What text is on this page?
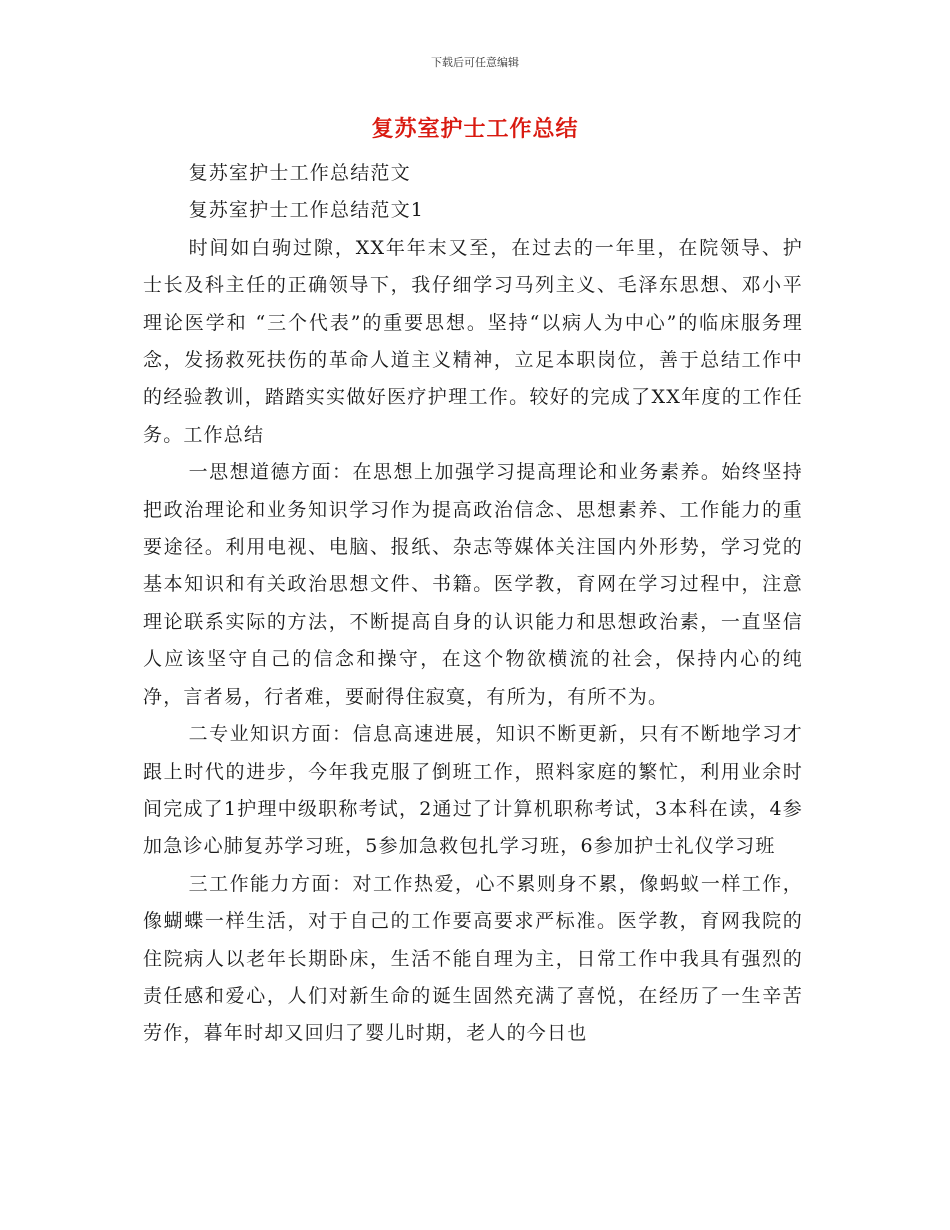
下载后可任意编辑
复苏室护士工作总结

复苏室护士工作总结范文

复苏室护士工作总结范文1

时间如白驹过隙，XX年年末又至，在过去的一年里，在院领导、护士长及科主任的正确领导下，我仔细学习马列主义、毛泽东思想、邓小平理论医学和 “三个代表”的重要思想。坚持“以病人为中心”的临床服务理念，发扬救死扶伤的革命人道主义精神，立足本职岗位，善于总结工作中的经验教训，踏踏实实做好医疗护理工作。较好的完成了XX年度的工作任务。工作总结

一思想道德方面：在思想上加强学习提高理论和业务素养。始终坚持把政治理论和业务知识学习作为提高政治信念、思想素养、工作能力的重要途径。利用电视、电脑、报纸、杂志等媒体关注国内外形势，学习党的基本知识和有关政治思想文件、书籍。医学教，育网在学习过程中，注意理论联系实际的方法，不断提高自身的认识能力和思想政治素，一直坚信人应该坚守自己的信念和操守，在这个物欲横流的社会，保持内心的纯净，言者易，行者难，要耐得住寂寞，有所为，有所不为。

二专业知识方面：信息高速进展，知识不断更新，只有不断地学习才跟上时代的进步，今年我克服了倒班工作，照料家庭的繁忙，利用业余时间完成了1护理中级职称考试，2通过了计算机职称考试，3本科在读，4参加急诊心肺复苏学习班，5参加急救包扎学习班，6参加护士礼仪学习班

三工作能力方面：对工作热爱，心不累则身不累，像蚂蚁一样工作，像蝴蝶一样生活，对于自己的工作要高要求严标准。医学教，育网我院的住院病人以老年长期卧床，生活不能自理为主，日常工作中我具有强烈的责任感和爱心，人们对新生命的诞生固然充满了喜悦，在经历了一生辛苦劳作，暮年时却又回归了婴儿时期，老人的今日也
